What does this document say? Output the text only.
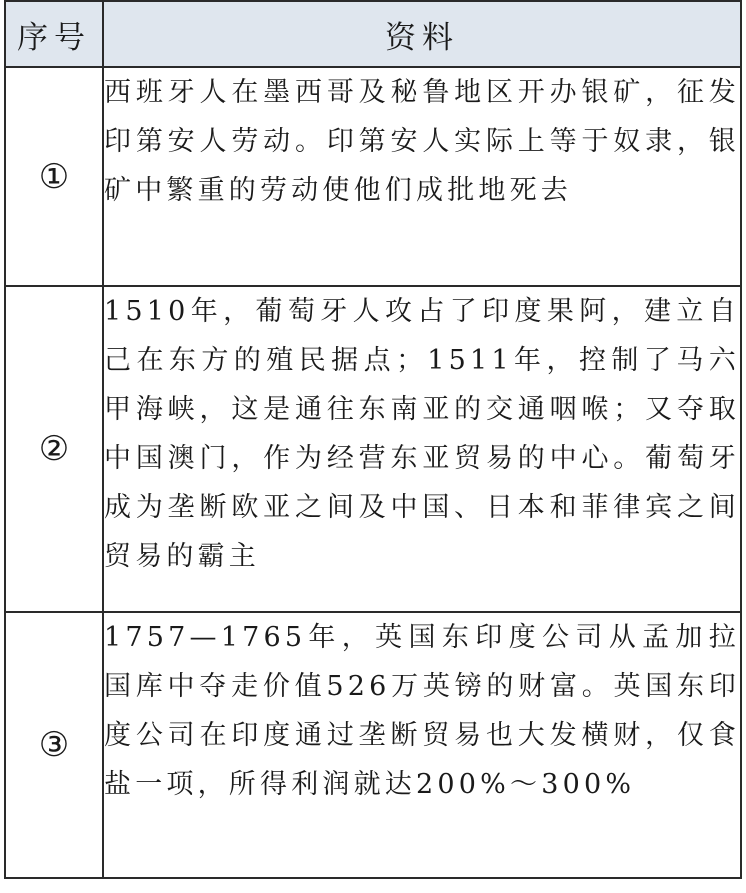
序号	资料
①	西班牙人在墨西哥及秘鲁地区开办银矿，征发印第安人劳动。印第安人实际上等于奴隶，银矿中繁重的劳动使他们成批地死去
②	1510年，葡萄牙人攻占了印度果阿，建立自己在东方的殖民据点；1511年，控制了马六甲海峡，这是通往东南亚的交通咽喉；又夺取中国澳门，作为经营东亚贸易的中心。葡萄牙成为垄断欧亚之间及中国、日本和菲律宾之间贸易的霸主
③	1757—1765年，英国东印度公司从孟加拉国库中夺走价值526万英镑的财富。英国东印度公司在印度通过垄断贸易也大发横财，仅食盐一项，所得利润就达200%～300%
